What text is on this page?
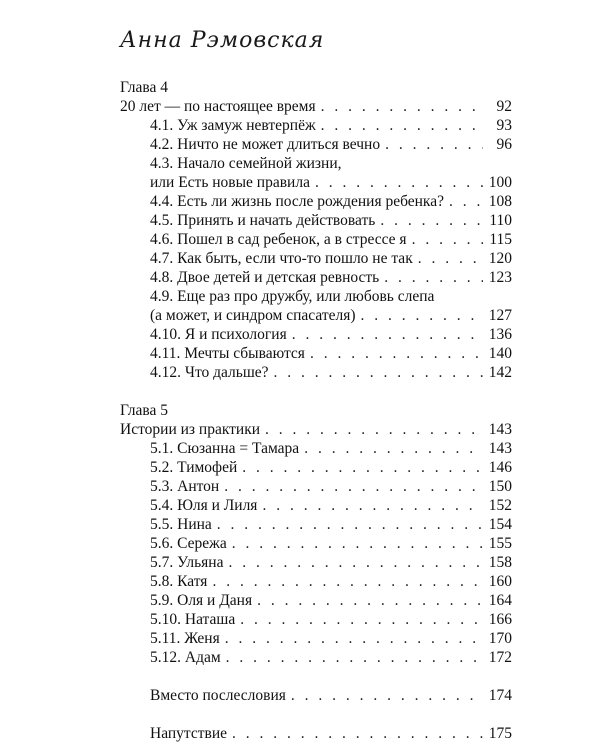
Анна Рэмовская
Глава 4
20 лет — по настоящее время . . .	92
4.1. Уж замуж невтерпёж . . .	93
4.2. Ничто не может длиться вечно . . .	96
4.3. Начало семейной жизни,
или Есть новые правила . . .	100
4.4. Есть ли жизнь после рождения ребенка? . . .	108
4.5. Принять и начать действовать . . .	110
4.6. Пошел в сад ребенок, а в стрессе я . . .	115
4.7. Как быть, если что-то пошло не так . . .	120
4.8. Двое детей и детская ревность . . .	123
4.9. Еще раз про дружбу, или любовь слепа
(а может, и синдром спасателя) . . .	127
4.10. Я и психология . . .	136
4.11. Мечты сбываются . . .	140
4.12. Что дальше? . . .	142
Глава 5
Истории из практики . . .	143
5.1. Сюзанна = Тамара . . .	143
5.2. Тимофей . . .	146
5.3. Антон . . .	150
5.4. Юля и Лиля . . .	152
5.5. Нина . . .	154
5.6. Сережа . . .	155
5.7. Ульяна . . .	158
5.8. Катя . . .	160
5.9. Оля и Даня . . .	164
5.10. Наташа . . .	166
5.11. Женя . . .	170
5.12. Адам . . .	172
Вместо послесловия . . .	174
Напутствие . . .	175
